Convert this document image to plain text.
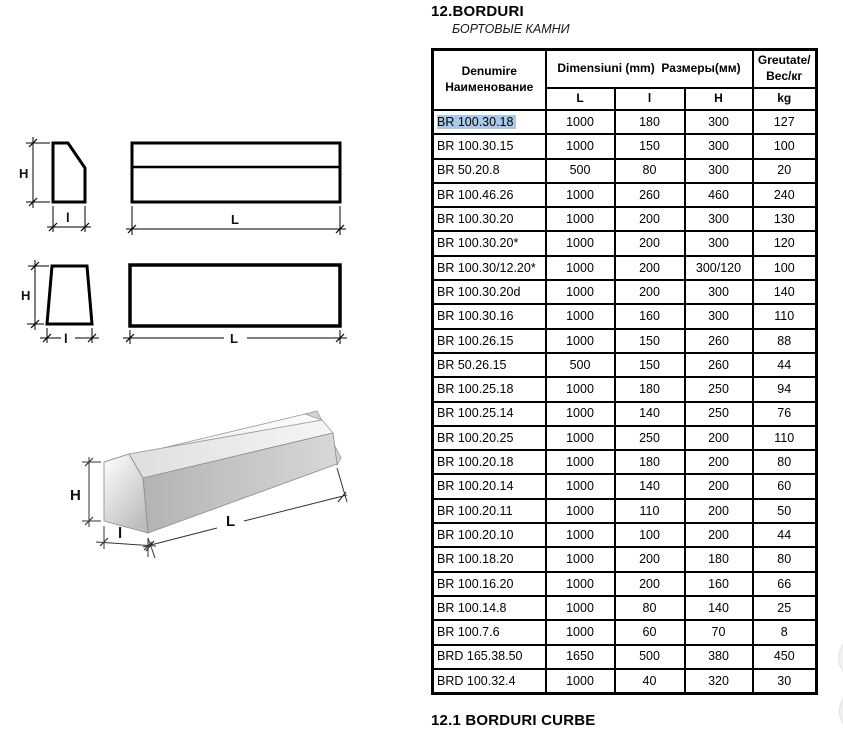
H
l	L
H
l	L
H
l
L
12.BORDURI
БОРТОВЫЕ КАМНИ
Denumire
Наименование
	Dimensiuni (mm) Размеры(мм)	
Greutate/
Вес/кг

	L	l	H	kg
BR 100.30.18	1000	180	300	127
BR 100.30.15	1000	150	300	100
BR 50.20.8	500	80	300	20
BR 100.46.26	1000	260	460	240
BR 100.30.20	1000	200	300	130
BR 100.30.20*	1000	200	300	120
BR 100.30/12.20*	1000	200	300/120	100
BR 100.30.20d	1000	200	300	140
BR 100.30.16	1000	160	300	110
BR 100.26.15	1000	150	260	88
BR 50.26.15	500	150	260	44
BR 100.25.18	1000	180	250	94
BR 100.25.14	1000	140	250	76
BR 100.20.25	1000	250	200	110
BR 100.20.18	1000	180	200	80
BR 100.20.14	1000	140	200	60
BR 100.20.11	1000	110	200	50
BR 100.20.10	1000	100	200	44
BR 100.18.20	1000	200	180	80
BR 100.16.20	1000	200	160	66
BR 100.14.8	1000	80	140	25
BR 100.7.6	1000	60	70	8
BRD 165.38.50	1650	500	380	450
BRD 100.32.4	1000	40	320	30
12.1 BORDURI CURBE
